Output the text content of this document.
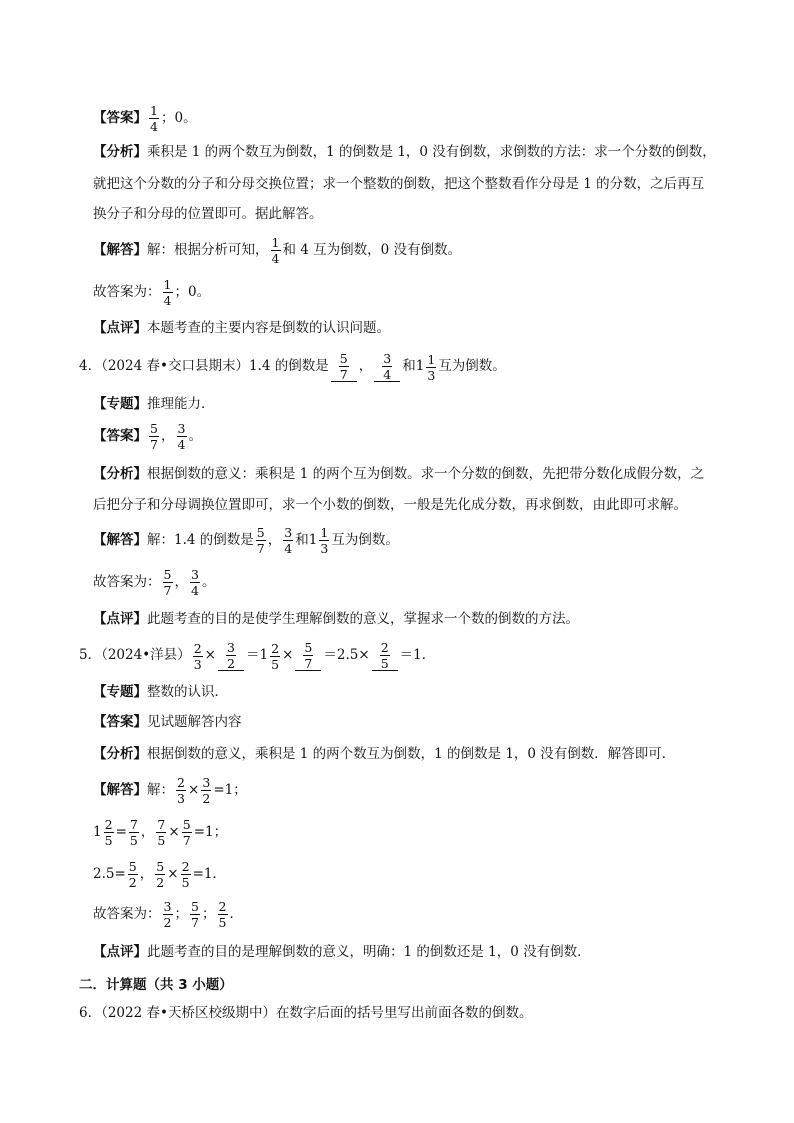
【答案】 $\frac{1}{4}$ ；0。
【分析】 乘积是 1 的两个数互为倒数，1 的倒数是 1，0 没有倒数，求倒数的方法：求一个分数的倒数，
就把这个分数的分子和分母交换位置；求一个整数的倒数，把这个整数看作分母是 1 的分数，之后再互
换分子和分母的位置即可。据此解答。
【解答】 解：根据分析可知， $\frac{1}{4}$ 和 4 互为倒数，0 没有倒数。
故答案为： $\frac{1}{4}$ ；0。
【点评】 本题考查的主要内容是倒数的认识问题。
4．（2024 春•交口县期末）1.4 的倒数是 $\frac{5}{7}$ ， $\frac{3}{4}$ 和 $1 \frac{1}{3}$ 互为倒数。
【专题】 推理能力．
【答案】 $\frac{5}{7}$ ， $\frac{3}{4}$ 。
【分析】 根据倒数的意义：乘积是 1 的两个互为倒数。求一个分数的倒数，先把带分数化成假分数，之
后把分子和分母调换位置即可，求一个小数的倒数，一般是先化成分数，再求倒数，由此即可求解。
【解答】 解：1.4 的倒数是 $\frac{5}{7}$ ， $\frac{3}{4}$ 和 $1 \frac{1}{3}$ 互为倒数。
故答案为： $\frac{5}{7}$ ， $\frac{3}{4}$ 。
【点评】 此题考查的目的是使学生理解倒数的意义，掌握求一个数的倒数的方法。
5．（2024•洋县） $\frac{2}{3} \times \frac{3}{2} = 1 \frac{2}{5} \times \frac{5}{7} =2.5\times \frac{2}{5} =1$．
【专题】 整数的认识．
【答案】 见试题解答内容
【分析】 根据倒数的意义，乘积是 1 的两个数互为倒数，1 的倒数是 1，0 没有倒数．解答即可．
【解答】 解： $\frac{2}{3} \times \frac{3}{2} =1$；
$1 \frac{2}{5} = \frac{7}{5}$ ， $\frac{7}{5} \times \frac{5}{7} =1$；
$2.5= \frac{5}{2}$ ， $\frac{5}{2} \times \frac{2}{5} =1$．
故答案为： $\frac{3}{2}$ ； $\frac{5}{7}$ ； $\frac{2}{5}$ ．
【点评】 此题考查的目的是理解倒数的意义，明确：1 的倒数还是 1，0 没有倒数．
二．计算题（共 3 小题）
6．（2022 春•天桥区校级期中）在数字后面的括号里写出前面各数的倒数。
